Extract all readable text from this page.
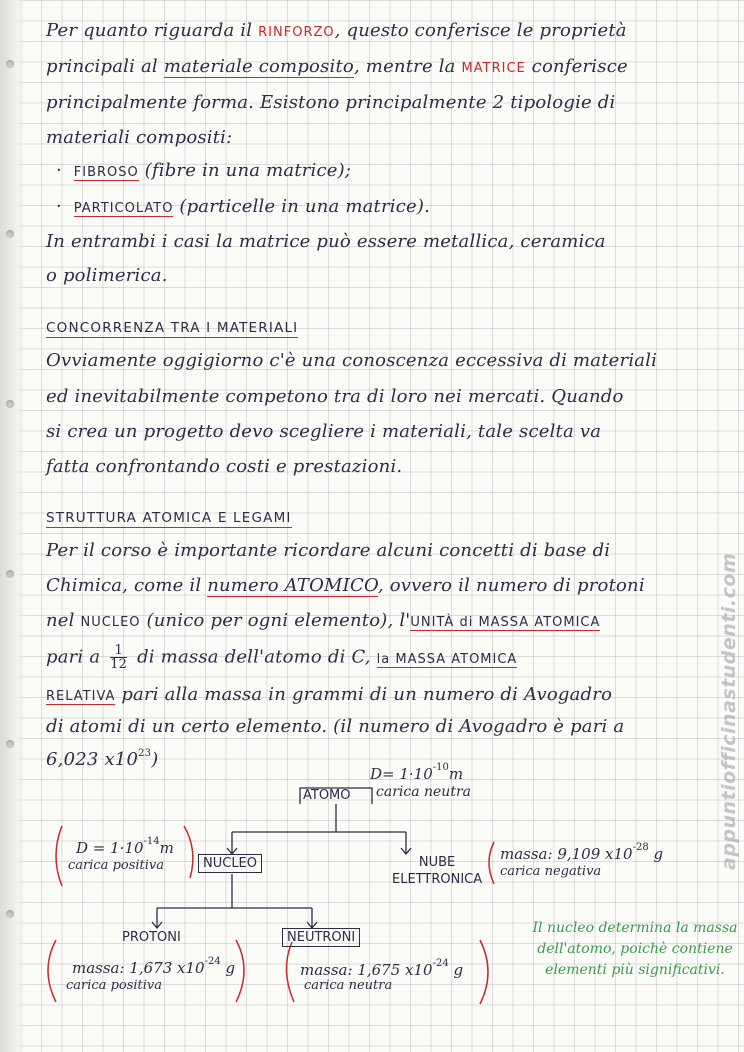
Per quanto riguarda il RINFORZO, questo conferisce le proprietà
principali al materiale composito, mentre la MATRICE conferisce
principalmente forma. Esistono principalmente 2 tipologie di
materiali compositi:
·  FIBROSO (fibre in una matrice);
·  PARTICOLATO (particelle in una matrice).
In entrambi i casi la matrice può essere metallica, ceramica
o polimerica.
CONCORRENZA TRA I MATERIALI
Ovviamente oggigiorno c'è una conoscenza eccessiva di materiali
ed inevitabilmente competono tra di loro nei mercati. Quando
si crea un progetto devo scegliere i materiali, tale scelta va
fatta confrontando costi e prestazioni.
STRUTTURA ATOMICA E LEGAMI
Per il corso è importante ricordare alcuni concetti di base di
Chimica, come il numero ATOMICO, ovvero il numero di protoni
nel NUCLEO (unico per ogni elemento), l'UNITÀ di MASSA ATOMICA
pari a $\frac{1}{12}$ di massa dell'atomo di C, la MASSA ATOMICA
RELATIVA pari alla massa in grammi di un numero di Avogadro
di atomi di un certo elemento. (il numero di Avogadro è pari a
6,023 $x10^{23}$)
ATOMO
$D= 1\cdot 10^{-10}m$
carica neutra
$D = 1\cdot 10^{-14}m$
carica positiva	NUCLEO	NUBE
ELETTRONICA
massa: 9,109 $x10^{-28}$ g
carica negativa
PROTONI
massa: 1,673 $x10^{-24}$ g
carica positiva
NEUTRONI
massa: 1,675 $x10^{-24}$ g
carica neutra
Il nucleo determina la massa dell'atomo, poichè contiene elementi più significativi.
appuntiofficinastudenti.com
